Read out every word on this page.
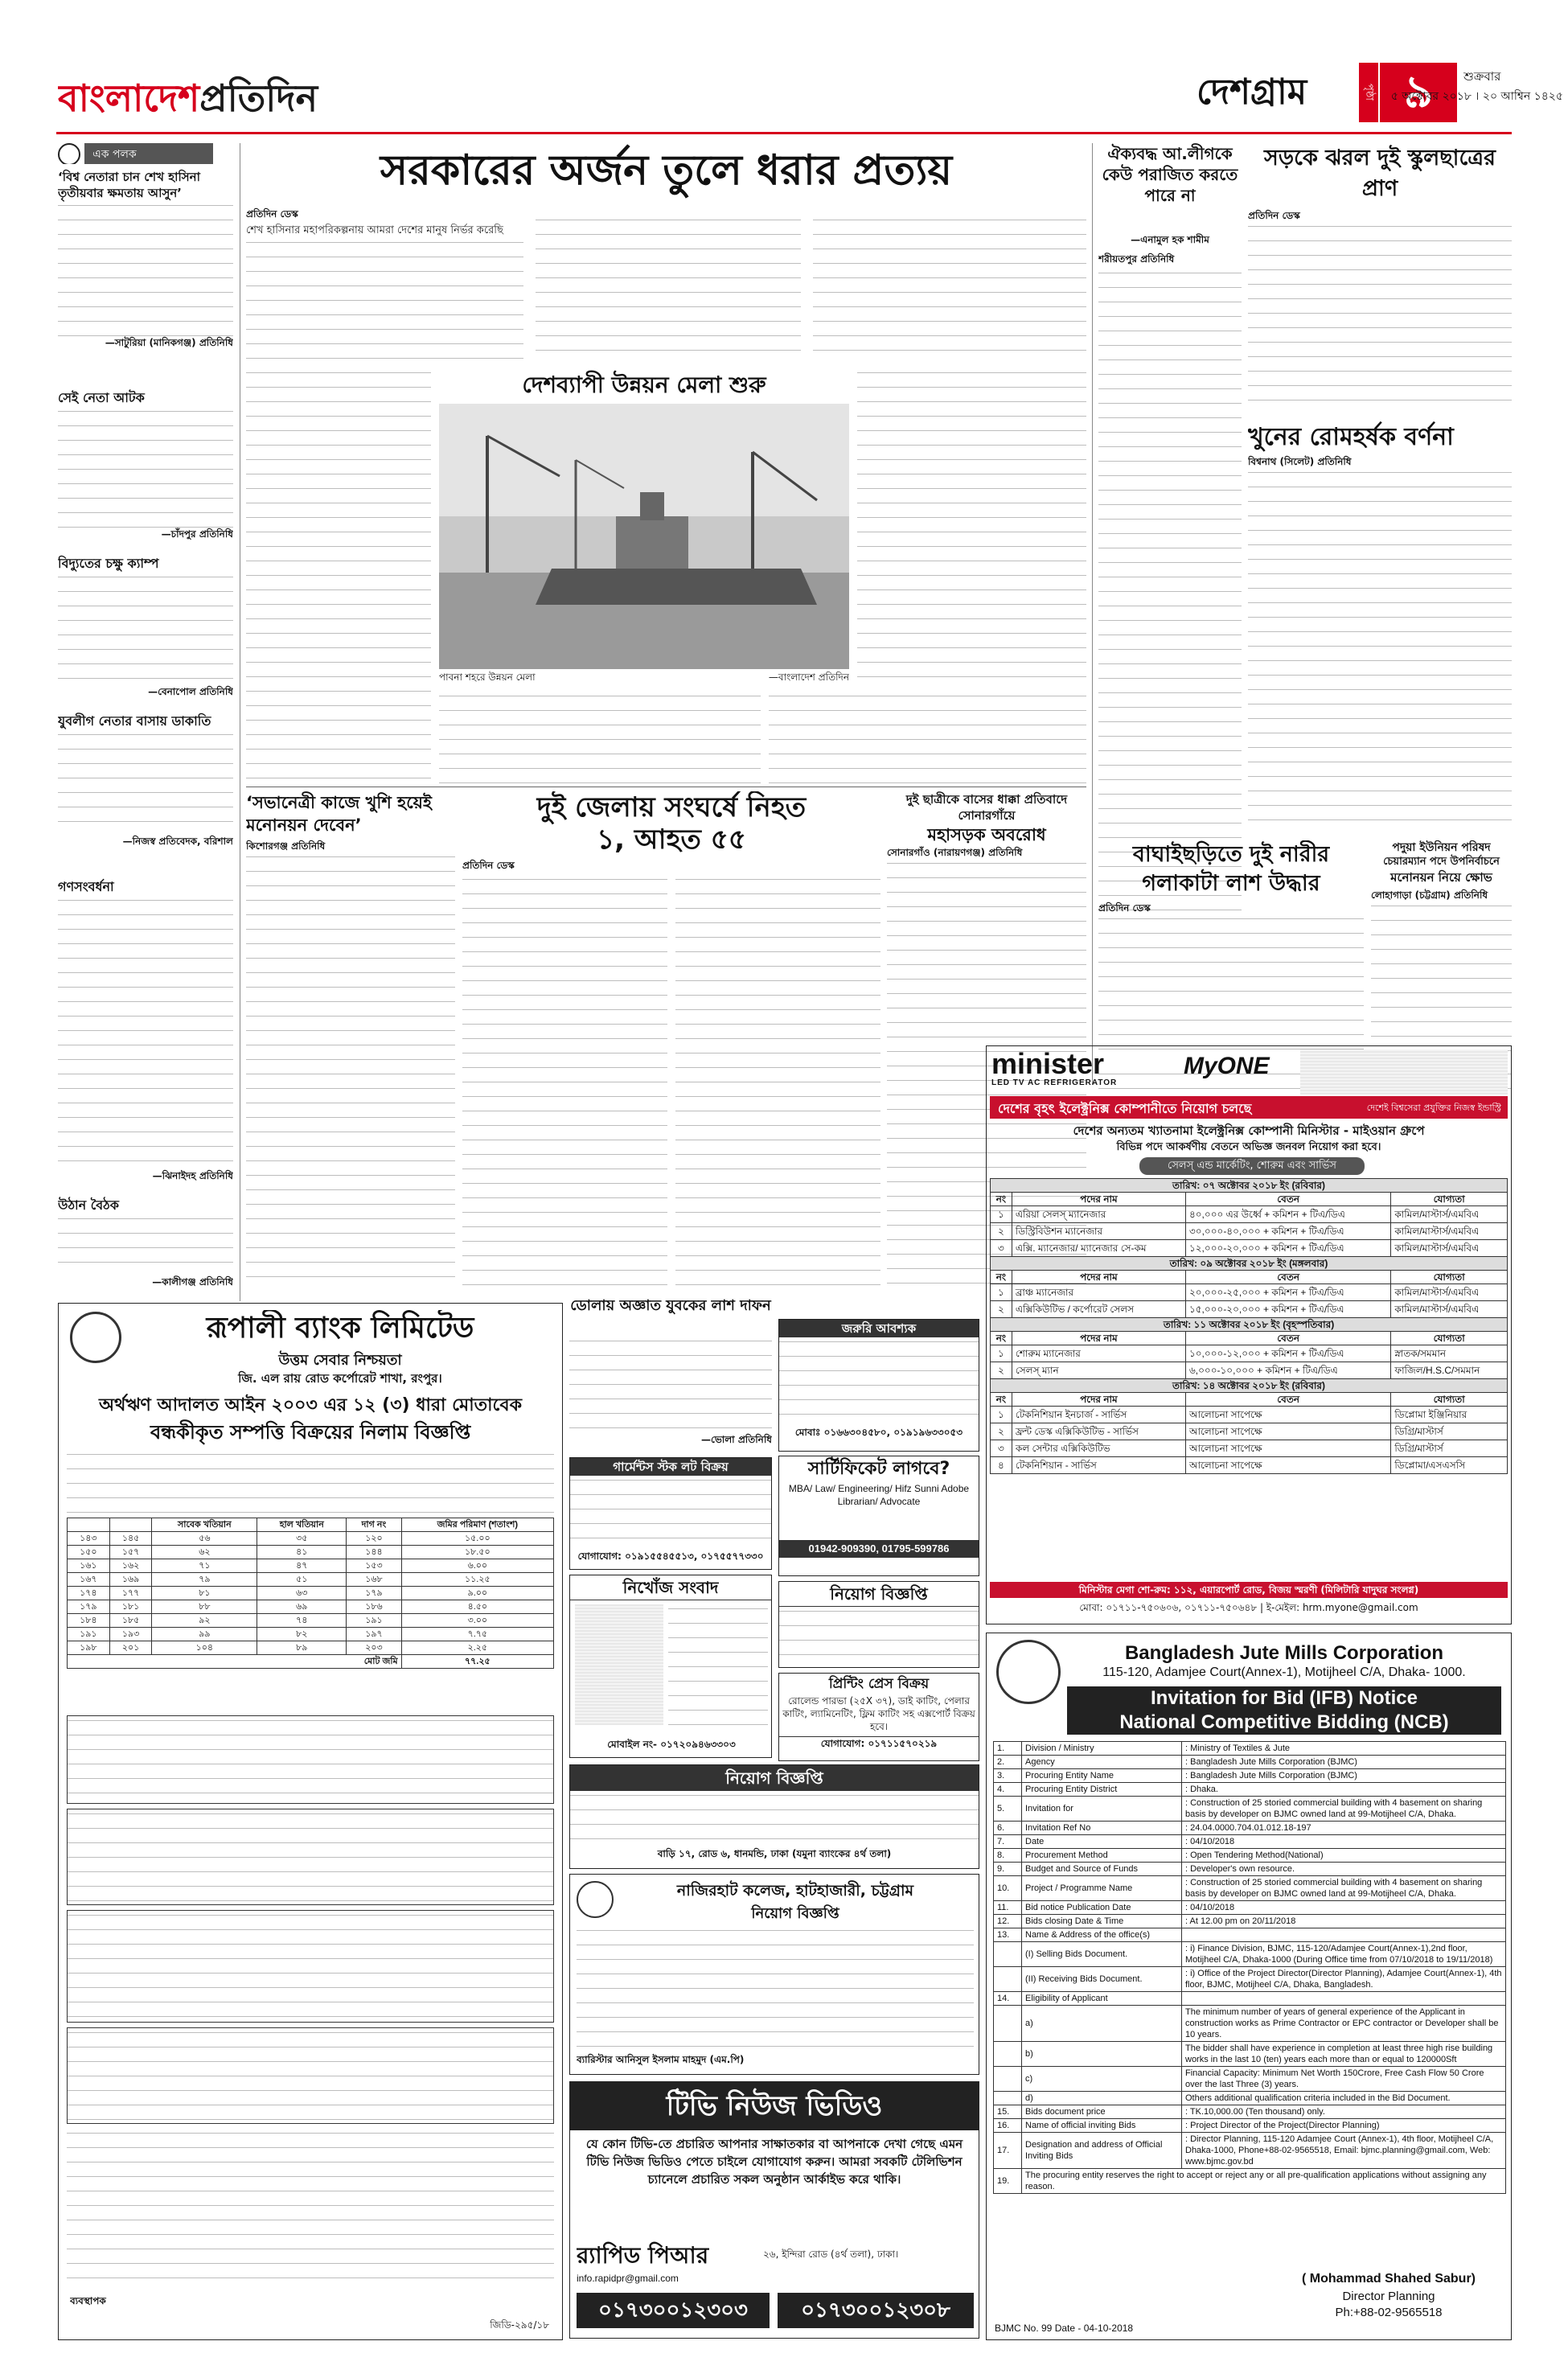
বাংলাদেশপ্রতিদিন	দেশগ্রাম	পৃষ্ঠা ৯	শুক্রবার
৫ অক্টোবর ২০১৮ । ২০ আশ্বিন ১৪২৫
এক পলক
‘বিশ্ব নেতারা চান শেখ হাসিনা তৃতীয়বার ক্ষমতায় আসুন’
—সাটুরিয়া (মানিকগঞ্জ) প্রতিনিধি
সেই নেতা আটক
—চাঁদপুর প্রতিনিধি
বিদ্যুতের চক্ষু ক্যাম্প
—বেনাপোল প্রতিনিধি
যুবলীগ নেতার বাসায় ডাকাতি
—নিজস্ব প্রতিবেদক, বরিশাল
গণসংবর্ধনা
—ঝিনাইদহ প্রতিনিধি
উঠান বৈঠক
—কালীগঞ্জ প্রতিনিধি
সরকারের অর্জন তুলে ধরার প্রত্যয়
প্রতিদিন ডেস্ক
শেখ হাসিনার মহাপরিকল্পনায় আমরা দেশের মানুষ নির্ভর করেছি
দেশব্যাপী উন্নয়ন মেলা শুরু
পাবনা শহরে উন্নয়ন মেলা	—বাংলাদেশ প্রতিদিন
ঐক্যবদ্ধ আ.লীগকে কেউ পরাজিত করতে পারে না
—এনামুল হক শামীম
শরীয়তপুর প্রতিনিধি
সড়কে ঝরল দুই স্কুলছাত্রের প্রাণ
প্রতিদিন ডেস্ক
খুনের রোমহর্ষক বর্ণনা
বিশ্বনাথ (সিলেট) প্রতিনিধি
‘সভানেত্রী কাজে খুশি হয়েই মনোনয়ন দেবেন’
কিশোরগঞ্জ প্রতিনিধি
দুই জেলায় সংঘর্ষে নিহত ১, আহত ৫৫
প্রতিদিন ডেস্ক
দুই ছাত্রীকে বাসের ধাক্কা প্রতিবাদে সোনারগাঁয়ে
মহাসড়ক অবরোধ
সোনারগাঁও (নারায়ণগঞ্জ) প্রতিনিধি	বাঘাইছড়িতে দুই নারীর গলাকাটা লাশ উদ্ধার
প্রতিদিন ডেস্ক
পদুয়া ইউনিয়ন পরিষদ
চেয়ারম্যান পদে উপনির্বাচনে
মনোনয়ন নিয়ে ক্ষোভ
লোহাগাড়া (চট্টগ্রাম) প্রতিনিধি
minister
LED TV AC REFRIGERATOR
MyONE
দেশের বৃহৎ ইলেক্ট্রনিক্স কোম্পানীতে নিয়োগ চলছে	দেশেই বিশ্বসেরা প্রযুক্তির নিজস্ব ইন্ডাস্ট্রি
দেশের অন্যতম খ্যাতনামা ইলেক্ট্রনিক্স কোম্পানী মিনিস্টার - মাইওয়ান গ্রুপে
বিভিন্ন পদে আকর্ষণীয় বেতনে অভিজ্ঞ জনবল নিয়োগ করা হবে।
সেলস্ এন্ড মার্কেটিং, শোরুম এবং সার্ভিস
তারিখ: ০৭ অক্টোবর ২০১৮ ইং (রবিবার)			
নং	পদের নাম	বেতন	যোগ্যতা
১	এরিয়া সেলস্ ম্যানেজার	৪০,০০০ এর উর্ধ্বে + কমিশন + টিএ/ডিএ	কামিল/মাস্টার্স/এমবিএ
২	ডিস্ট্রিবিউশন ম্যানেজার	৩০,০০০-৪০,০০০ + কমিশন + টিএ/ডিএ	কামিল/মাস্টার্স/এমবিএ
৩	এক্সি. ম্যানেজার/ ম্যানেজার সে-কম	১২,০০০-২০,০০০ + কমিশন + টিএ/ডিএ	কামিল/মাস্টার্স/এমবিএ
তারিখ: ০৯ অক্টোবর ২০১৮ ইং (মঙ্গলবার)			
নং	পদের নাম	বেতন	যোগ্যতা
১	ব্রাঞ্চ ম্যানেজার	২০,০০০-২৫,০০০ + কমিশন + টিএ/ডিএ	কামিল/মাস্টার্স/এমবিএ
২	এক্সিকিউটিভ / কর্পোরেট সেলস	১৫,০০০-২০,০০০ + কমিশন + টিএ/ডিএ	কামিল/মাস্টার্স/এমবিএ
তারিখ: ১১ অক্টোবর ২০১৮ ইং (বৃহস্পতিবার)			
নং	পদের নাম	বেতন	যোগ্যতা
১	শোরুম ম্যানেজার	১০,০০০-১২,০০০ + কমিশন + টিএ/ডিএ	স্নাতক/সমমান
২	সেলস্ ম্যান	৬,০০০-১০,০০০ + কমিশন + টিএ/ডিএ	ফাজিল/H.S.C/সমমান
তারিখ: ১৪ অক্টোবর ২০১৮ ইং (রবিবার)			
নং	পদের নাম	বেতন	যোগ্যতা
১	টেকনিশিয়ান ইনচার্জ - সার্ভিস	আলোচনা সাপেক্ষে	ডিপ্লোমা ইঞ্জিনিয়ার
২	ফ্রন্ট ডেস্ক এক্সিকিউটিভ - সার্ভিস	আলোচনা সাপেক্ষে	ডিগ্রি/মাস্টার্স
৩	কল সেন্টার এক্সিকিউটিভ	আলোচনা সাপেক্ষে	ডিগ্রি/মাস্টার্স
৪	টেকনিশিয়ান - সার্ভিস	আলোচনা সাপেক্ষে	ডিপ্লোমা/এসএসসি
মিনিস্টার মেগা শো-রুম: ১১২, এয়ারপোর্ট রোড, বিজয় স্মরণী (মিলিটারি যাদুঘর সংলগ্ন)
মোবা: ০১৭১১-৭৫০৬০৬, ০১৭১১-৭৫০৬৪৮ | ই-মেইল: hrm.myone@gmail.com
রূপালী ব্যাংক লিমিটেড
উত্তম সেবার নিশ্চয়তা
জি. এল রায় রোড কর্পোরেট শাখা, রংপুর।
অর্থঋণ আদালত আইন ২০০৩ এর ১২ (৩) ধারা মোতাবেক
বন্ধকীকৃত সম্পত্তি বিক্রয়ের নিলাম বিজ্ঞপ্তি
		সাবেক খতিয়ান	হাল খতিয়ান	দাগ নং	জমির পরিমাণ (শতাংশ)
১৪৩	১৪৫	৫৬	৩৫	১২০	১৫.০০
১৫০	১৫৭	৬২	৪১	১৪৪	১৮.৫০
১৬১	১৬২	৭১	৪৭	১৫৩	৬.০০
১৬৭	১৬৯	৭৯	৫১	১৬৮	১১.২৫
১৭৪	১৭৭	৮১	৬৩	১৭৯	৯.০০
১৭৯	১৮১	৮৮	৬৯	১৮৬	৪.৫০
১৮৪	১৮৫	৯২	৭৪	১৯১	৩.০০
১৯১	১৯৩	৯৯	৮২	১৯৭	৭.৭৫
১৯৮	২০১	১০৪	৮৯	২০৩	২.২৫
মোট জমি					৭৭.২৫
ব্যবস্থাপক
জিডি-২৯৫/১৮
ডোলায় অজ্ঞাত যুবকের লাশ দাফন
—ভোলা প্রতিনিধি
জরুরি আবশ্যক
মোবাঃ ০১৬৬৩০৪৫৮০, ০১৯১৯৬৩৩০৫৩
গার্মেন্টস স্টক লট বিক্রয়
যোগাযোগ: ০১৯১৫৫৪৫৫১৩, ০১৭৫৫৭৭৩৩০
সার্টিফিকেট লাগবে?
MBA/ Law/ Engineering/ Hifz Sunni Adobe Librarian/ Advocate
01942-909390, 01795-599786
নিখোঁজ সংবাদ
মোবাইল নং- ০১৭২০৯৪৬৩৩০৩
নিয়োগ বিজ্ঞপ্তি
প্রিন্টিং প্রেস বিক্রয়
রোলেন্ড পারভা (২৫X ৩৭), ডাই কাটিং, পেলার কাটিং, ল্যামিনেটিং, ফ্লিম কাটিং সহ এক্সপোর্ট বিক্রয় হবে।
যোগাযোগ: ০১৭১১৫৭০২১৯
নিয়োগ বিজ্ঞপ্তি
বাড়ি ১৭, রোড ৬, ধানমন্ডি, ঢাকা (যমুনা ব্যাংকের ৪র্থ তলা)
নাজিরহাট কলেজ, হাটহাজারী, চট্টগ্রাম
নিয়োগ বিজ্ঞপ্তি
ব্যারিস্টার আনিসুল ইসলাম মাহমুদ (এম.পি)
টিভি নিউজ ভিডিও
যে কোন টিভি-তে প্রচারিত আপনার সাক্ষাতকার বা আপনাকে দেখা গেছে এমন টিভি নিউজ ভিডিও পেতে চাইলে যোগাযোগ করুন। আমরা সবকটি টেলিভিশন চ্যানেলে প্রচারিত সকল অনুষ্ঠান আর্কাইভ করে থাকি।
র‍্যাপিড পিআর
info.rapidpr@gmail.com
২৬, ইন্দিরা রোড (৪র্থ তলা), ঢাকা।
০১৭৩০০১২৩০৩	০১৭৩০০১২৩০৮
Bangladesh Jute Mills Corporation
115-120, Adamjee Court(Annex-1), Motijheel C/A, Dhaka- 1000.
Invitation for Bid (IFB) Notice
National Competitive Bidding (NCB)
1.	Division / Ministry	: Ministry of Textiles & Jute
2.	Agency	: Bangladesh Jute Mills Corporation (BJMC)
3.	Procuring Entity Name	: Bangladesh Jute Mills Corporation (BJMC)
4.	Procuring Entity District	: Dhaka.
5.	Invitation for	: Construction of 25 storied commercial building with 4 basement on sharing basis by developer on BJMC owned land at 99-Motijheel C/A, Dhaka.
6.	Invitation Ref No	: 24.04.0000.704.01.012.18-197
7.	Date	: 04/10/2018
8.	Procurement Method	: Open Tendering Method(National)
9.	Budget and Source of Funds	: Developer's own resource.
10.	Project / Programme Name	: Construction of 25 storied commercial building with 4 basement on sharing basis by developer on BJMC owned land at 99-Motijheel C/A, Dhaka.
11.	Bid notice Publication Date	: 04/10/2018
12.	Bids closing Date & Time	: At 12.00 pm on 20/11/2018
13.	Name & Address of the office(s)	
	(I) Selling Bids Document.	: i) Finance Division, BJMC, 115-120/Adamjee Court(Annex-1),2nd floor, Motijheel C/A, Dhaka-1000 (During Office time from 07/10/2018 to 19/11/2018)
	(II) Receiving Bids Document.	: i) Office of the Project Director(Director Planning), Adamjee Court(Annex-1), 4th floor, BJMC, Motijheel C/A, Dhaka, Bangladesh.
14.	Eligibility of Applicant	
	a)	The minimum number of years of general experience of the Applicant in construction works as Prime Contractor or EPC contractor or Developer shall be 10 years.
	b)	The bidder shall have experience in completion at least three high rise building works in the last 10 (ten) years each more than or equal to 120000Sft
	c)	Financial Capacity: Minimum Net Worth 150Crore, Free Cash Flow 50 Crore over the last Three (3) years.
	d)	Others additional qualification criteria included in the Bid Document.
15.	Bids document price	: TK.10,000.00 (Ten thousand) only.
16.	Name of official inviting Bids	: Project Director of the Project(Director Planning)
17.	Designation and address of Official Inviting Bids	: Director Planning, 115-120 Adamjee Court (Annex-1), 4th floor, Motijheel C/A, Dhaka-1000, Phone+88-02-9565518, Email: bjmc.planning@gmail.com, Web: www.bjmc.gov.bd
19.	The procuring entity reserves the right to accept or reject any or all pre-qualification applications without assigning any reason.	
( Mohammad Shahed Sabur)
Director Planning
Ph:+88-02-9565518
BJMC No. 99 Date - 04-10-2018
